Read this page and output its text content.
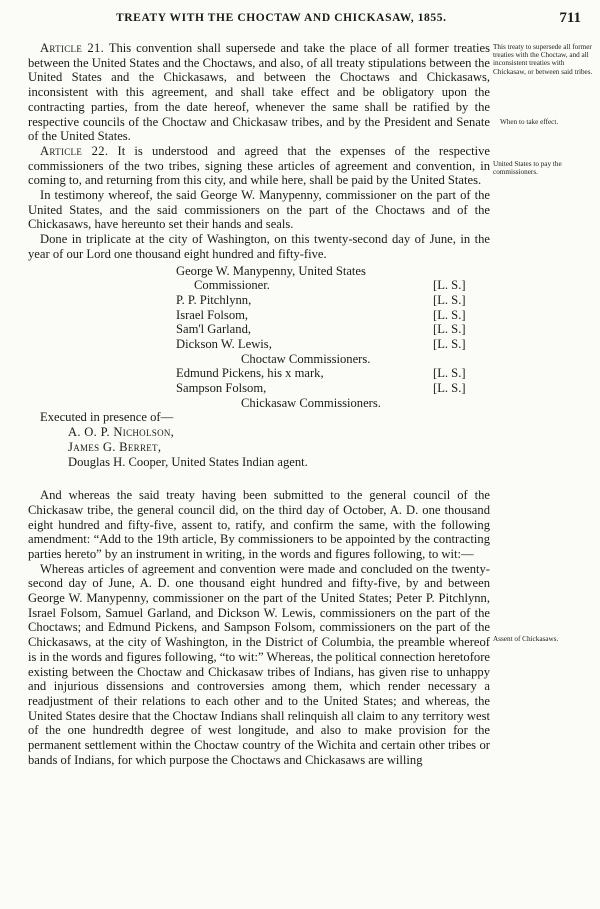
TREATY WITH THE CHOCTAW AND CHICKASAW, 1855.	711

Article 21. This convention shall supersede and take the place of all former treaties between the United States and the Choctaws, and also, of all treaty stipulations between the United States and the Chickasaws, and between the Choctaws and Chickasaws, inconsistent with this agreement, and shall take effect and be obligatory upon the contracting parties, from the date hereof, whenever the same shall be ratified by the respective councils of the Choctaw and Chickasaw tribes, and by the President and Senate of the United States.

Article 22. It is understood and agreed that the expenses of the respective commissioners of the two tribes, signing these articles of agreement and convention, in coming to, and returning from this city, and while here, shall be paid by the United States.

In testimony whereof, the said George W. Manypenny, commissioner on the part of the United States, and the said commissioners on the part of the Choctaws and of the Chickasaws, have hereunto set their hands and seals.

Done in triplicate at the city of Washington, on this twenty-second day of June, in the year of our Lord one thousand eight hundred and fifty-five.

George W. Manypenny, United States
Commissioner.	[L. S.]
P. P. Pitchlynn,	[L. S.]
Israel Folsom,	[L. S.]
Sam'l Garland,	[L. S.]
Dickson W. Lewis,	[L. S.]
Choctaw Commissioners.
Edmund Pickens, his x mark,	[L. S.]
Sampson Folsom,	[L. S.]
Chickasaw Commissioners.

Executed in presence of—

A. O. P. Nicholson,
James G. Berret,
Douglas H. Cooper, United States Indian agent.

And whereas the said treaty having been submitted to the general council of the Chickasaw tribe, the general council did, on the third day of October, A. D. one thousand eight hundred and fifty-five, assent to, ratify, and confirm the same, with the following amendment: “Add to the 19th article, By commissioners to be appointed by the contracting parties hereto” by an instrument in writing, in the words and figures following, to wit:—

Whereas articles of agreement and convention were made and concluded on the twenty-second day of June, A. D. one thousand eight hundred and fifty-five, by and between George W. Manypenny, commissioner on the part of the United States; Peter P. Pitchlynn, Israel Folsom, Samuel Garland, and Dickson W. Lewis, commissioners on the part of the Choctaws; and Edmund Pickens, and Sampson Folsom, commissioners on the part of the Chickasaws, at the city of Washington, in the District of Columbia, the preamble whereof is in the words and figures following, “to wit:” Whereas, the political connection heretofore existing between the Choctaw and Chickasaw tribes of Indians, has given rise to unhappy and injurious dissensions and controversies among them, which render necessary a readjustment of their relations to each other and to the United States; and whereas, the United States desire that the Choctaw Indians shall relinquish all claim to any territory west of the one hundredth degree of west longitude, and also to make provision for the permanent settlement within the Choctaw country of the Wichita and certain other tribes or bands of Indians, for which purpose the Choctaws and Chickasaws are willing

This treaty to supersede all former treaties with the Choctaw, and all inconsistent treaties with Chickasaw, or between said tribes.
When to take effect.
United States to pay the commissioners.
Assent of Chickasaws.
